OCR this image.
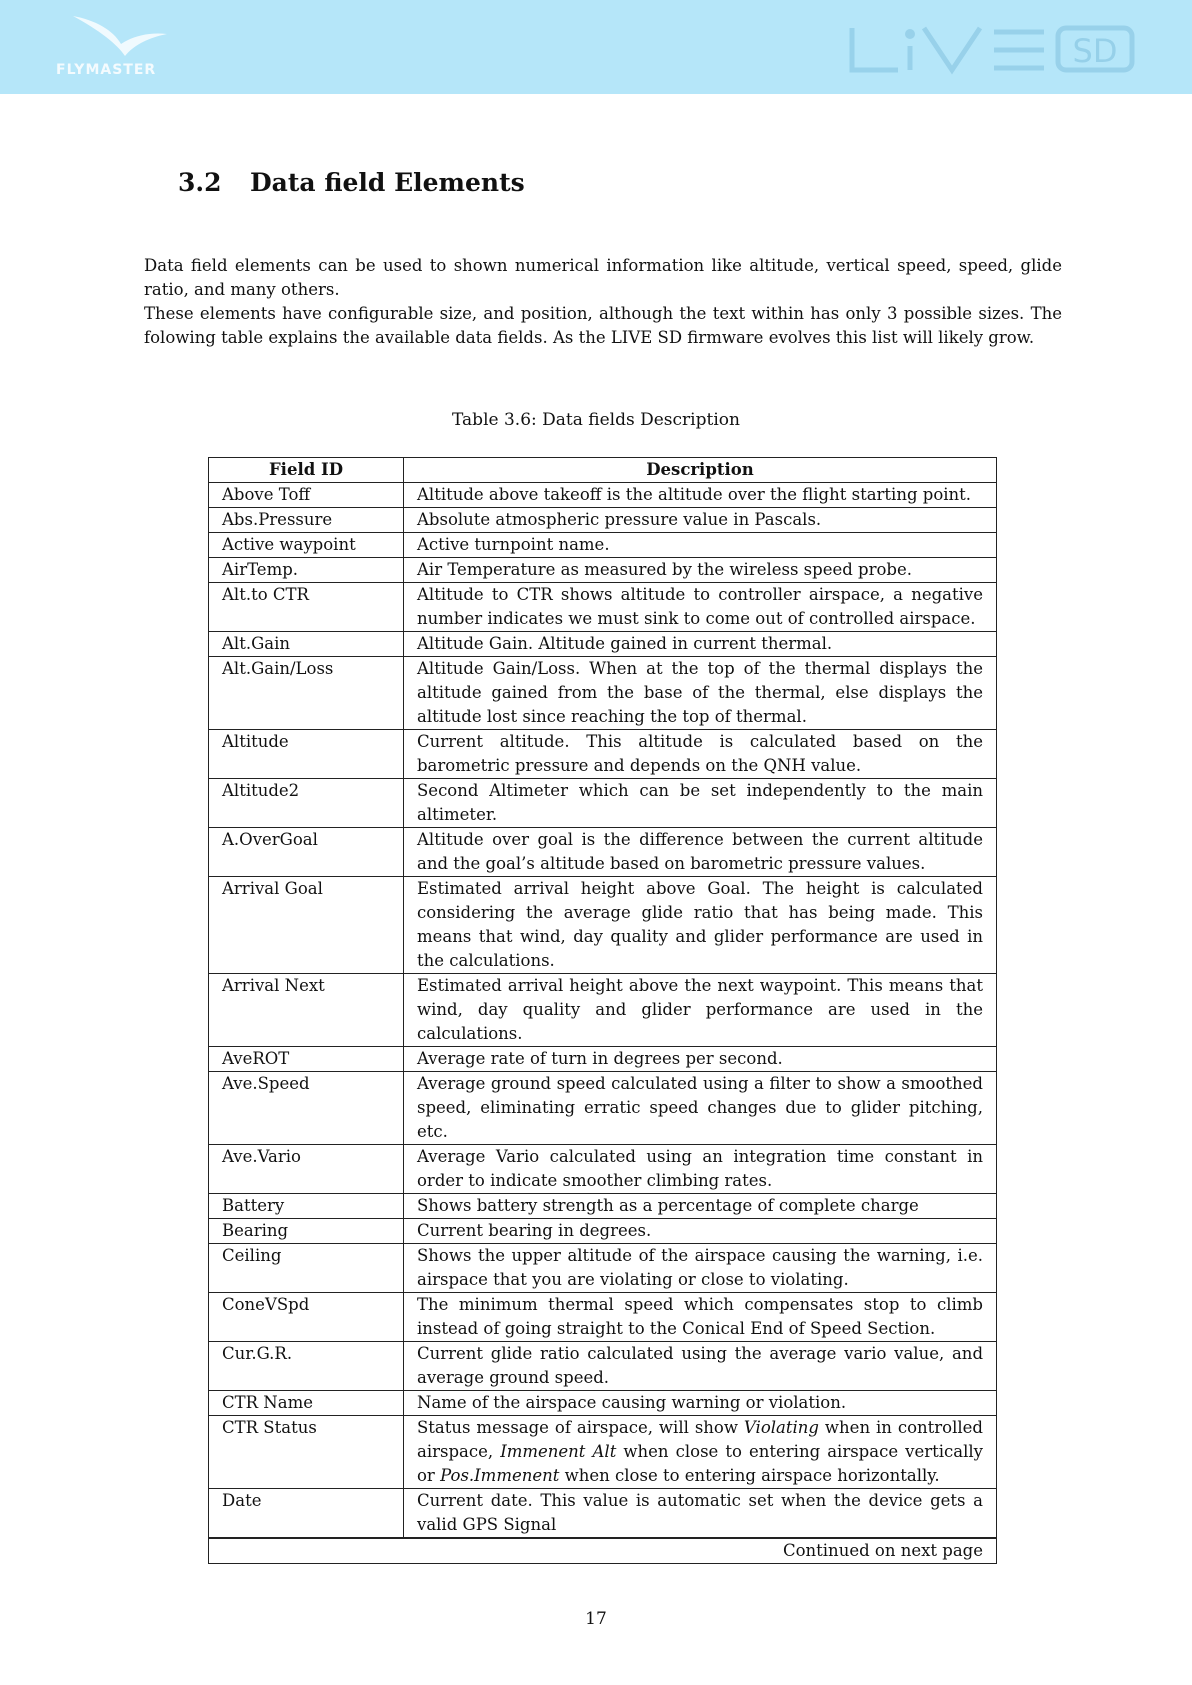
FLYMASTER	SD
3.2 Data field Elements

Data field elements can be used to shown numerical information like altitude, vertical speed, speed, glide ratio, and many others.

These elements have configurable size, and position, although the text within has only 3 possible sizes. The folowing table explains the available data fields. As the LIVE SD firmware evolves this list will likely grow.

Table 3.6: Data fields Description

Field ID	Description
Above Toff	Altitude above takeoff is the altitude over the flight starting point.
Abs.Pressure	Absolute atmospheric pressure value in Pascals.
Active waypoint	Active turnpoint name.
AirTemp.	Air Temperature as measured by the wireless speed probe.
Alt.to CTR	Altitude to CTR shows altitude to controller airspace, a negative number indicates we must sink to come out of controlled airspace.
Alt.Gain	Altitude Gain. Altitude gained in current thermal.
Alt.Gain/Loss	Altitude Gain/Loss. When at the top of the thermal displays the altitude gained from the base of the thermal, else displays the altitude lost since reaching the top of thermal.
Altitude	Current altitude. This altitude is calculated based on the barometric pressure and depends on the QNH value.
Altitude2	Second Altimeter which can be set independently to the main altimeter.
A.OverGoal	Altitude over goal is the difference between the current altitude and the goal’s altitude based on barometric pressure values.
Arrival Goal	Estimated arrival height above Goal. The height is calculated considering the average glide ratio that has being made. This means that wind, day quality and glider performance are used in the calculations.
Arrival Next	Estimated arrival height above the next waypoint. This means that wind, day quality and glider performance are used in the calculations.
AveROT	Average rate of turn in degrees per second.
Ave.Speed	Average ground speed calculated using a filter to show a smoothed speed, eliminating erratic speed changes due to glider pitching, etc.
Ave.Vario	Average Vario calculated using an integration time constant in order to indicate smoother climbing rates.
Battery	Shows battery strength as a percentage of complete charge
Bearing	Current bearing in degrees.
Ceiling	Shows the upper altitude of the airspace causing the warning, i.e. airspace that you are violating or close to violating.
ConeVSpd	The minimum thermal speed which compensates stop to climb instead of going straight to the Conical End of Speed Section.
Cur.G.R.	Current glide ratio calculated using the average vario value, and average ground speed.
CTR Name	Name of the airspace causing warning or violation.
CTR Status	Status message of airspace, will show Violating when in controlled airspace, Immenent Alt when close to entering airspace vertically or Pos.Immenent when close to entering airspace horizontally.
Date	Current date. This value is automatic set when the device gets a valid GPS Signal
Continued on next page	

17
